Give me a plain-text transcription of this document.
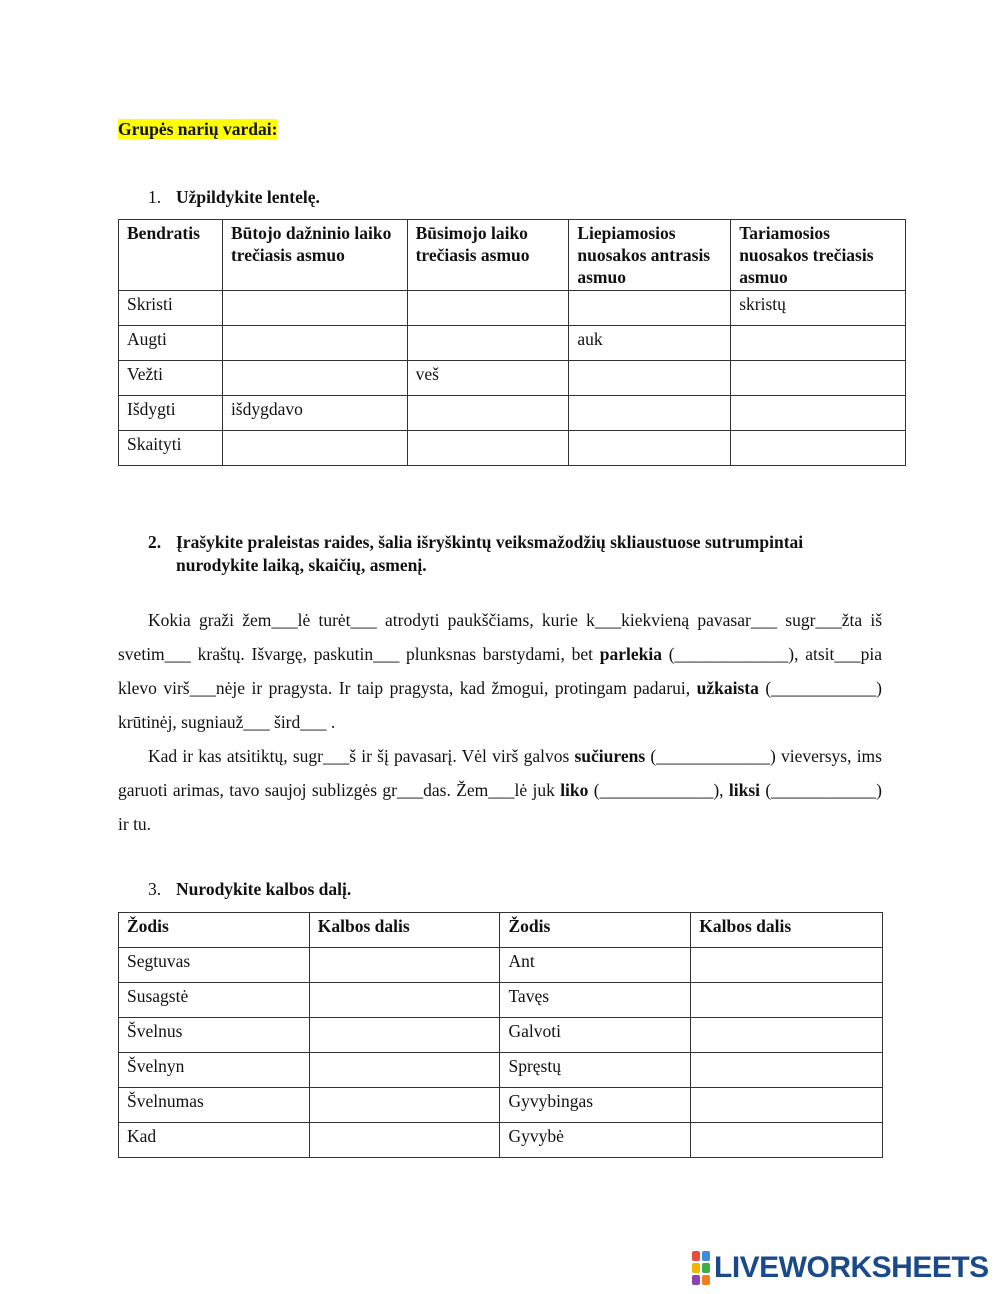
Grupės narių vardai:
1. Užpildykite lentelę.
Bendratis	Būtojo dažninio laiko trečiasis asmuo	Būsimojo laiko trečiasis asmuo	Liepiamosios nuosakos antrasis asmuo	Tariamosios nuosakos trečiasis asmuo
Skristi				skristų
Augti			auk	
Vežti		veš		
Išdygti	išdygdavo			
Skaityti				
2. Įrašykite praleistas raides, šalia išryškintų veiksmažodžių skliaustuose sutrumpintai
nurodykite laiką, skaičių, asmenį.
Kokia graži žem___lė turėt___ atrodyti paukščiams, kurie k___kiekvieną pavasar___ sugr___žta iš svetim___ kraštų. Išvargę, paskutin___ plunksnas barstydami, bet parlekia (_____________), atsit___pia klevo virš___nėje ir pragysta. Ir taip pragysta, kad žmogui, protingam padarui, užkaista (____________) krūtinėj, sugniauž___ šird___ .
Kad ir kas atsitiktų, sugr___š ir šį pavasarį. Vėl virš galvos sučiurens (_____________) vieversys, ims garuoti arimas, tavo saujoj sublizgės gr___das. Žem___lė juk liko (_____________), liksi (____________) ir tu.
3. Nurodykite kalbos dalį.
Žodis	Kalbos dalis	Žodis	Kalbos dalis
Segtuvas		Ant	
Susagstė		Tavęs	
Švelnus		Galvoti	
Švelnyn		Spręstų	
Švelnumas		Gyvybingas	
Kad		Gyvybė	
LIVEWORKSHEETS
